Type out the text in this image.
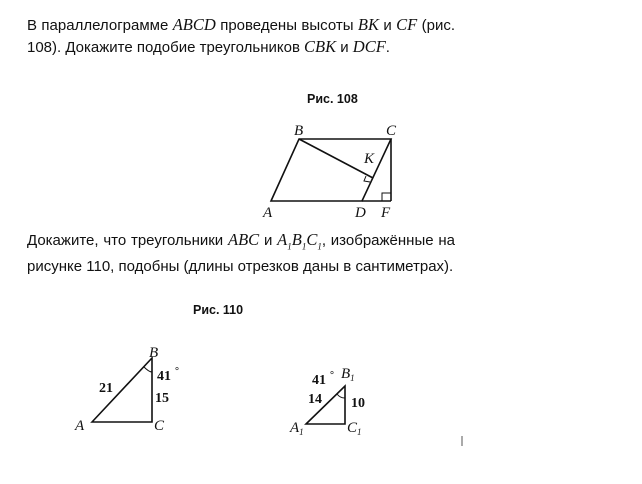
В параллелограмме ABCD проведены высоты BK и CF (рис. 108). Докажите подобие треугольников CBK и DCF.
Рис. 108
Докажите, что треугольники ABC и $A_1B_1C_1$, изображённые на рисунке 110, подобны (длины отрезков даны в сантиметрах).
Рис. 110
B	C
K
A	D F
B
A	C
21
15
41 °	$B_1$
$A_1$	$C_1$
14 10
41 °
